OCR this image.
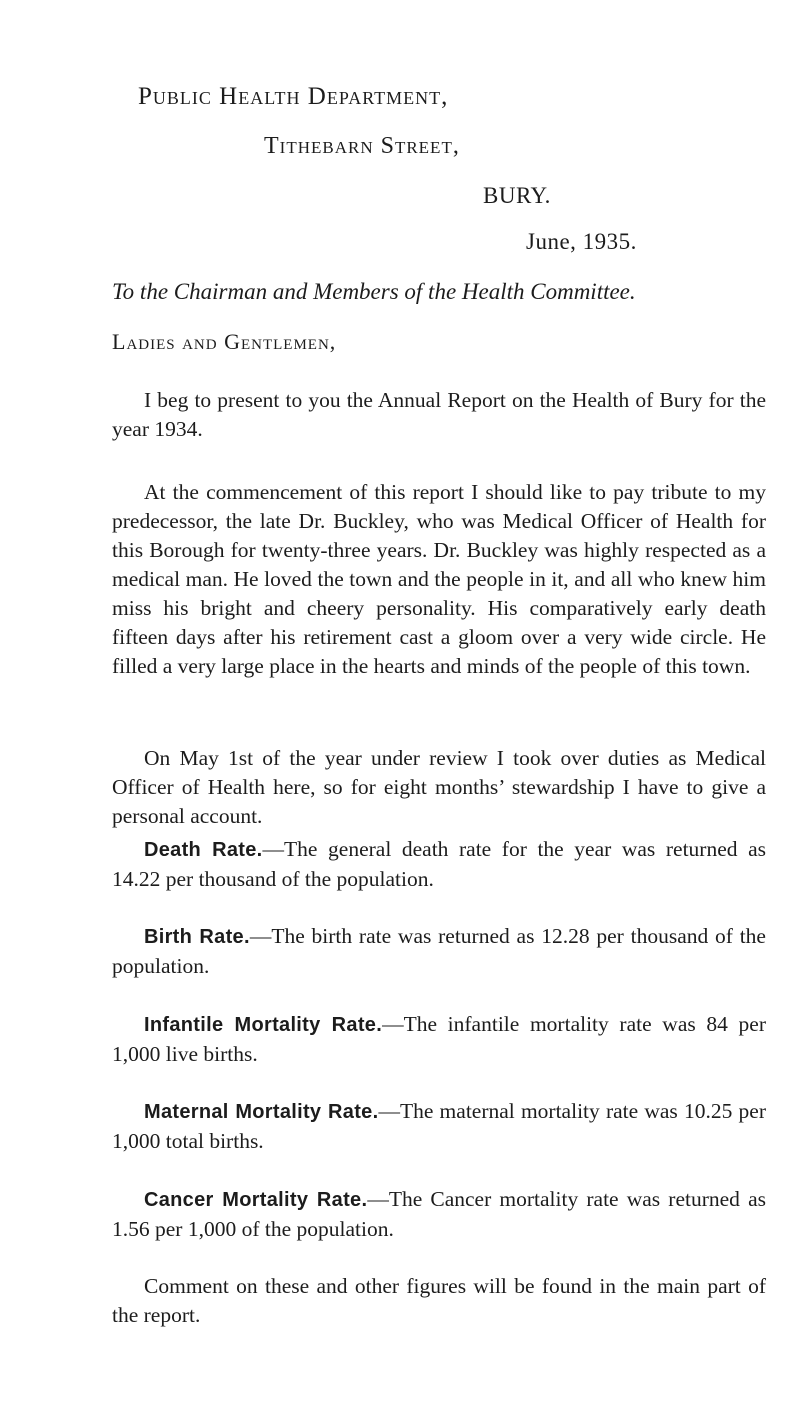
Public Health Department,
Tithebarn Street,
BURY.
June, 1935.
To the Chairman and Members of the Health Committee.
Ladies and Gentlemen,

I beg to present to you the Annual Report on the Health of Bury for the year 1934.

At the commencement of this report I should like to pay tribute to my predecessor, the late Dr. Buckley, who was Medical Officer of Health for this Borough for twenty-three years. Dr. Buckley was highly respected as a medical man. He loved the town and the people in it, and all who knew him miss his bright and cheery personality. His comparatively early death fifteen days after his retirement cast a gloom over a very wide circle. He filled a very large place in the hearts and minds of the people of this town.

On May 1st of the year under review I took over duties as Medical Officer of Health here, so for eight months’ stewardship I have to give a personal account.

Death Rate.—The general death rate for the year was returned as 14.22 per thousand of the population.

Birth Rate.—The birth rate was returned as 12.28 per thousand of the population.

Infantile Mortality Rate.—The infantile mortality rate was 84 per 1,000 live births.

Maternal Mortality Rate.—The maternal mortality rate was 10.25 per 1,000 total births.

Cancer Mortality Rate.—The Cancer mortality rate was returned as 1.56 per 1,000 of the population.

Comment on these and other figures will be found in the main part of the report.
